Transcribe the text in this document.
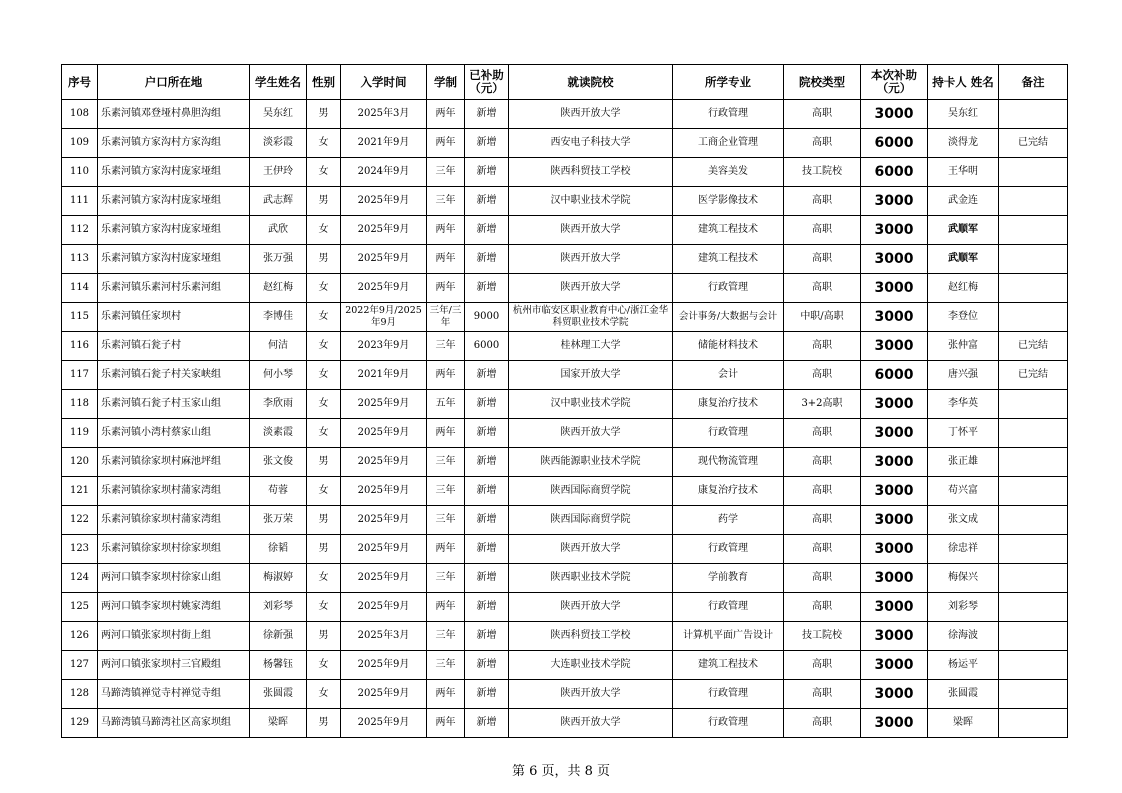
序号	户口所在地	学生姓名	性别	入学时间	学制	已补助（元）	就读院校	所学专业	院校类型	本次补助（元）	持卡人 姓名	备注
108	乐素河镇邓登垭村鼻胆沟组	吴东红	男	2025年3月	两年	新增	陕西开放大学	行政管理	高职	3000	吴东红	
109	乐素河镇方家沟村方家沟组	淡彩霞	女	2021年9月	两年	新增	西安电子科技大学	工商企业管理	高职	6000	淡得龙	已完结
110	乐素河镇方家沟村庞家垭组	王伊玲	女	2024年9月	三年	新增	陕西科贸技工学校	美容美发	技工院校	6000	王华明	
111	乐素河镇方家沟村庞家垭组	武志辉	男	2025年9月	三年	新增	汉中职业技术学院	医学影像技术	高职	3000	武金连	
112	乐素河镇方家沟村庞家垭组	武欣	女	2025年9月	两年	新增	陕西开放大学	建筑工程技术	高职	3000	武顺军	
113	乐素河镇方家沟村庞家垭组	张万强	男	2025年9月	两年	新增	陕西开放大学	建筑工程技术	高职	3000	武顺军	
114	乐素河镇乐素河村乐素河组	赵红梅	女	2025年9月	两年	新增	陕西开放大学	行政管理	高职	3000	赵红梅	
115	乐素河镇任家坝村	李博佳	女	2022年9月/2025年9月	三年/三年	9000	杭州市临安区职业教育中心/浙江金华科贸职业技术学院	会计事务/大数据与会计	中职/高职	3000	李登位	
116	乐素河镇石瓮子村	何洁	女	2023年9月	三年	6000	桂林理工大学	储能材料技术	高职	3000	张仲富	已完结
117	乐素河镇石瓮子村关家峡组	何小琴	女	2021年9月	两年	新增	国家开放大学	会计	高职	6000	唐兴强	已完结
118	乐素河镇石瓮子村玉家山组	李欣雨	女	2025年9月	五年	新增	汉中职业技术学院	康复治疗技术	3+2高职	3000	李华英	
119	乐素河镇小湾村蔡家山组	淡素霞	女	2025年9月	两年	新增	陕西开放大学	行政管理	高职	3000	丁怀平	
120	乐素河镇徐家坝村麻池坪组	张文俊	男	2025年9月	三年	新增	陕西能源职业技术学院	现代物流管理	高职	3000	张正雄	
121	乐素河镇徐家坝村蒲家湾组	苟蓉	女	2025年9月	三年	新增	陕西国际商贸学院	康复治疗技术	高职	3000	苟兴富	
122	乐素河镇徐家坝村蒲家湾组	张万荣	男	2025年9月	三年	新增	陕西国际商贸学院	药学	高职	3000	张文成	
123	乐素河镇徐家坝村徐家坝组	徐韬	男	2025年9月	两年	新增	陕西开放大学	行政管理	高职	3000	徐忠祥	
124	两河口镇李家坝村徐家山组	梅淑婷	女	2025年9月	三年	新增	陕西职业技术学院	学前教育	高职	3000	梅保兴	
125	两河口镇李家坝村姚家湾组	刘彩琴	女	2025年9月	两年	新增	陕西开放大学	行政管理	高职	3000	刘彩琴	
126	两河口镇张家坝村街上组	徐新强	男	2025年3月	三年	新增	陕西科贸技工学校	计算机平面广告设计	技工院校	3000	徐海波	
127	两河口镇张家坝村三官殿组	杨馨钰	女	2025年9月	三年	新增	大连职业技术学院	建筑工程技术	高职	3000	杨运平	
128	马蹄湾镇禅觉寺村禅觉寺组	张圆霞	女	2025年9月	两年	新增	陕西开放大学	行政管理	高职	3000	张圆霞	
129	马蹄湾镇马蹄湾社区高家坝组	梁晖	男	2025年9月	两年	新增	陕西开放大学	行政管理	高职	3000	梁晖	
第 6 页，共 8 页
